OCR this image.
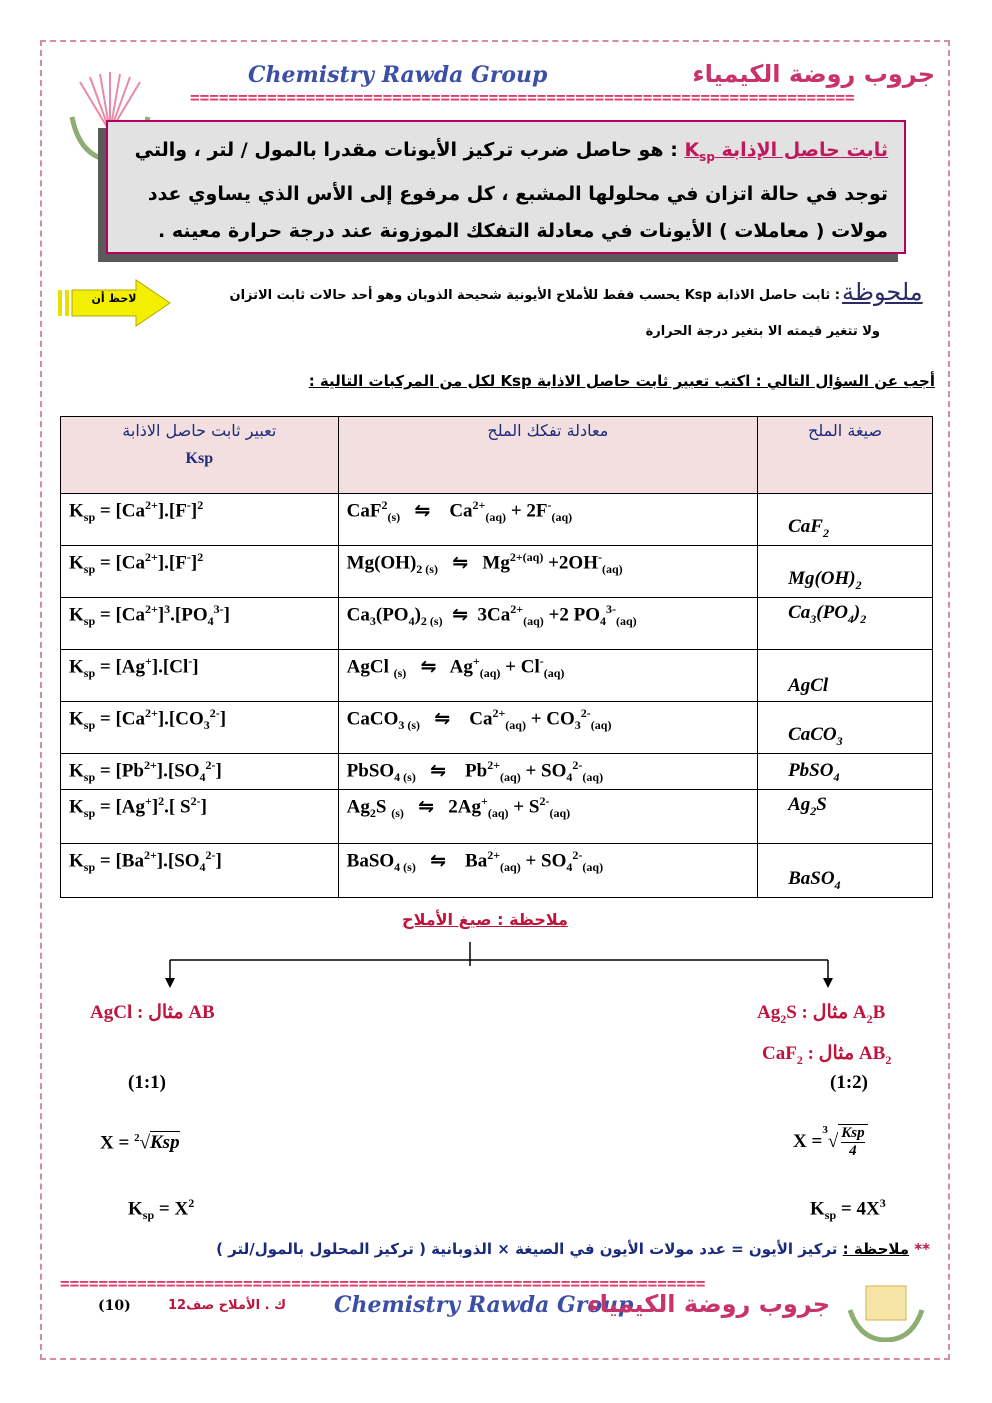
Chemistry Rawda Group	جروب روضة الكيمياء
=====================================================================
ثابت حاصل الإذابة $K_{sp}$ : هو حاصل ضرب تركيز الأيونات مقدرا بالمول / لتر ، والتي
توجد في حالة اتزان في محلولها المشبع ، كل مرفوع إلى الأس الذي يساوي عدد
مولات ( معاملات ) الأيونات في معادلة التفكك الموزونة عند درجة حرارة معينه .
لاحظ أن	ملحوظة
: ثابت حاصل الاذابة Ksp يحسب فقط للأملاح الأيونية شحيحة الذوبان وهو أحد حالات ثابت الاتزان
ولا تتغير قيمته الا بتغير درجة الحرارة
أجب عن السؤال التالي : اكتب تعبير ثابت حاصل الاذابة Ksp لكل من المركبات التالية :
تعبير ثابت حاصل الاذابة
Ksp	معادلة تفكك الملح	صيغة الملح
$K_{sp} = [Ca^{2+}].[F^-]^2$	CaF$^2_{(s)}$ ⇋    $Ca^{2+}_{(aq)} + 2F^-_{(aq)}$	CaF$_2$
$K_{sp} = [Ca^{2+}].[F^-]^2$	$Mg(OH)_{2 (s)}$ ⇋   $Mg^{2+(aq)} +2OH^-_{(aq)}$	$Mg(OH)_2$
$K_{sp} = [Ca^{2+}]^3.[PO_4^{3-}]$	$Ca_3(PO_4)_{2 (s)}$ ⇋  $3Ca^{2+}_{(aq)} +2$ $PO_4^{3-}_{(aq)}$	$Ca_3(PO_4)_2$
$K_{sp} = [Ag^+].[Cl^-]$	AgCl $_{(s)}$ ⇋   $Ag^+_{(aq)} + Cl^-_{(aq)}$	AgCl
$K_{sp} = [Ca^{2+}].[CO_3^{2-}]$	CaCO$_{3 (s)}$ ⇋    $Ca^{2+}_{(aq)} + CO_3^{2-}_{(aq)}$	CaCO$_3$
$K_{sp} = [Pb^{2+}].[SO_4^{2-}]$	PbSO$_{4 (s)}$ ⇋    $Pb^{2+}_{(aq)} + SO_4^{2-}_{(aq)}$	PbSO$_4$
$K_{sp} = [Ag^+]^2$.[ $S^{2-}$]	$Ag_2S$ $_{(s)}$ ⇋   $2Ag^+_{(aq)} + S^{2-}_{(aq)}$	$Ag_2S$
$K_{sp} = [Ba^{2+}].[SO_4^{2-}]$	BaSO$_{4 (s)}$ ⇋    $Ba^{2+}_{(aq)} + SO_4^{2-}_{(aq)}$	BaSO$_4$
ملاحظة : صيغ الأملاح
AgCl : مثال AB
(1:1)
X = $^2$√Ksp
$K_{sp} = X^2$
$Ag_2S$ : مثال $A_2B$
CaF$_2$ : مثال $AB_2$
(1:2)
X =
$^3$
√ Ksp
4
$K_{sp} = 4X^3$
** ملاحظة : تركيز الأيون = عدد مولات الأيون في الصيغة × الذوبانية ( تركيز المحلول بالمول/لتر )
===================================================================
(10)	ك . الأملاح صف12 Chemistry Rawda Group
جروب روضة الكيمياء
